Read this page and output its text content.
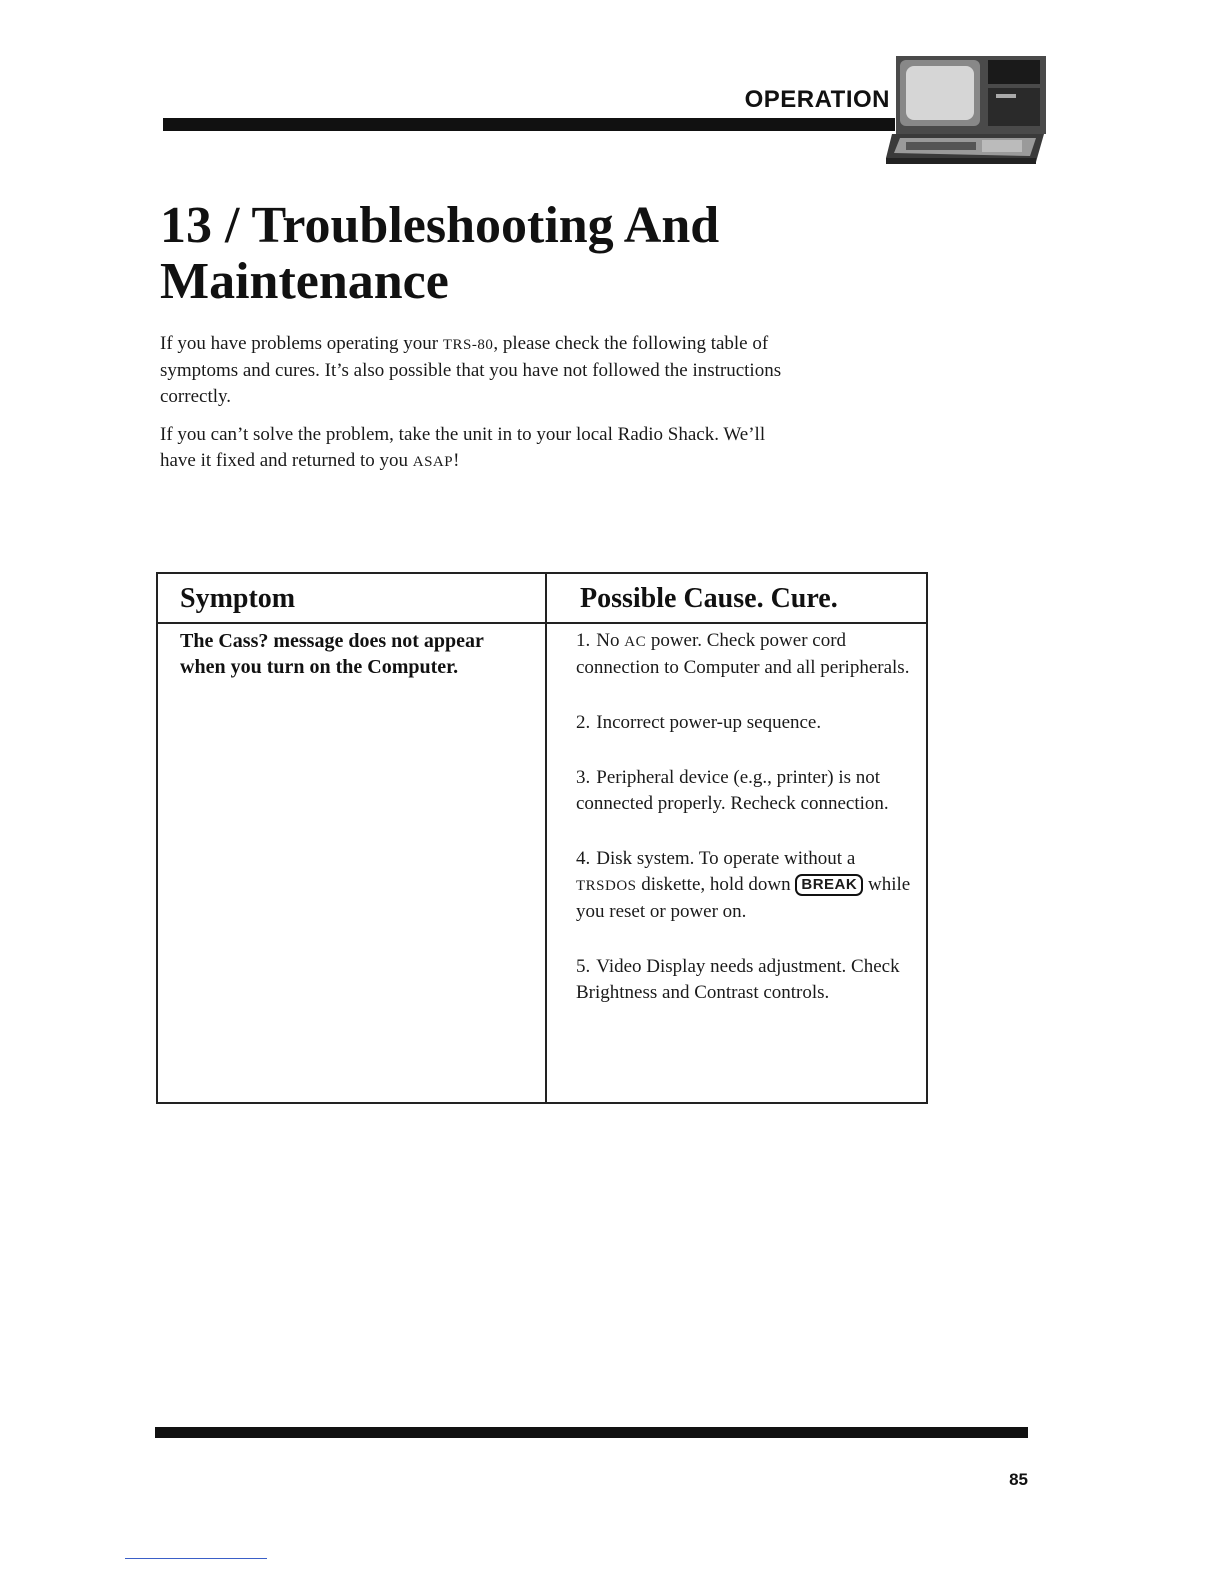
OPERATION
13 / Troubleshooting And
Maintenance

If you have problems operating your TRS-80, please check the following table of
symptoms and cures. It’s also possible that you have not followed the instructions
correctly.

If you can’t solve the problem, take the unit in to your local Radio Shack. We’ll
have it fixed and returned to you ASAP!

Symptom	Possible Cause. Cure.
The Cass? message does not appear
when you turn on the Computer.
1. No AC power. Check power cord connection to Computer and all peripherals.
2. Incorrect power-up sequence.
3. Peripheral device (e.g., printer) is not connected properly. Recheck connection.
4. Disk system. To operate without a TRSDOS diskette, hold down BREAK while you reset or power on.
5. Video Display needs adjustment. Check Brightness and Contrast controls.
85
